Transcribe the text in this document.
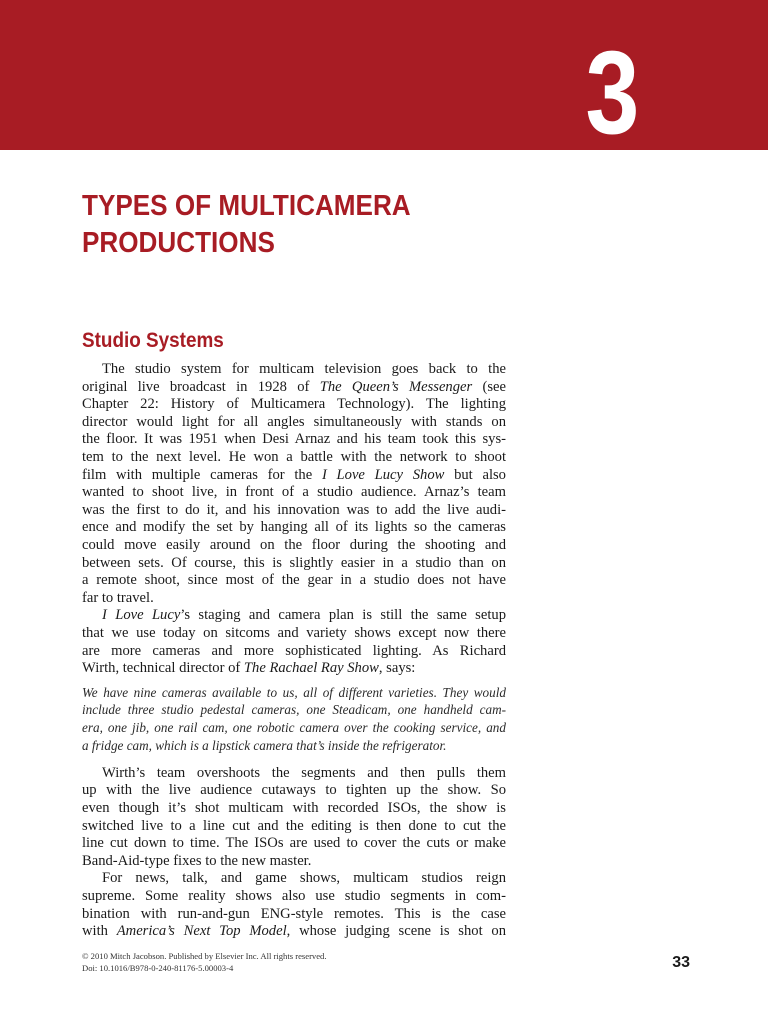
3
TYPES OF MULTICAMERA
PRODUCTIONS
Studio Systems
The studio system for multicam television goes back to the
original live broadcast in 1928 of The Queen’s Messenger (see
Chapter 22: History of Multicamera Technology). The lighting
director would light for all angles simultaneously with stands on
the floor. It was 1951 when Desi Arnaz and his team took this sys-
tem to the next level. He won a battle with the network to shoot
film with multiple cameras for the I Love Lucy Show but also
wanted to shoot live, in front of a studio audience. Arnaz’s team
was the first to do it, and his innovation was to add the live audi-
ence and modify the set by hanging all of its lights so the cameras
could move easily around on the floor during the shooting and
between sets. Of course, this is slightly easier in a studio than on
a remote shoot, since most of the gear in a studio does not have
far to travel.
I Love Lucy’s staging and camera plan is still the same setup
that we use today on sitcoms and variety shows except now there
are more cameras and more sophisticated lighting. As Richard
Wirth, technical director of The Rachael Ray Show, says:
We have nine cameras available to us, all of different varieties. They would
include three studio pedestal cameras, one Steadicam, one handheld cam-
era, one jib, one rail cam, one robotic camera over the cooking service, and
a fridge cam, which is a lipstick camera that’s inside the refrigerator.
Wirth’s team overshoots the segments and then pulls them
up with the live audience cutaways to tighten up the show. So
even though it’s shot multicam with recorded ISOs, the show is
switched live to a line cut and the editing is then done to cut the
line cut down to time. The ISOs are used to cover the cuts or make
Band-Aid-type fixes to the new master.
For news, talk, and game shows, multicam studios reign
supreme. Some reality shows also use studio segments in com-
bination with run-and-gun ENG-style remotes. This is the case
with America’s Next Top Model, whose judging scene is shot on
© 2010 Mitch Jacobson. Published by Elsevier Inc. All rights reserved.
Doi: 10.1016/B978-0-240-81176-5.00003-4	33
